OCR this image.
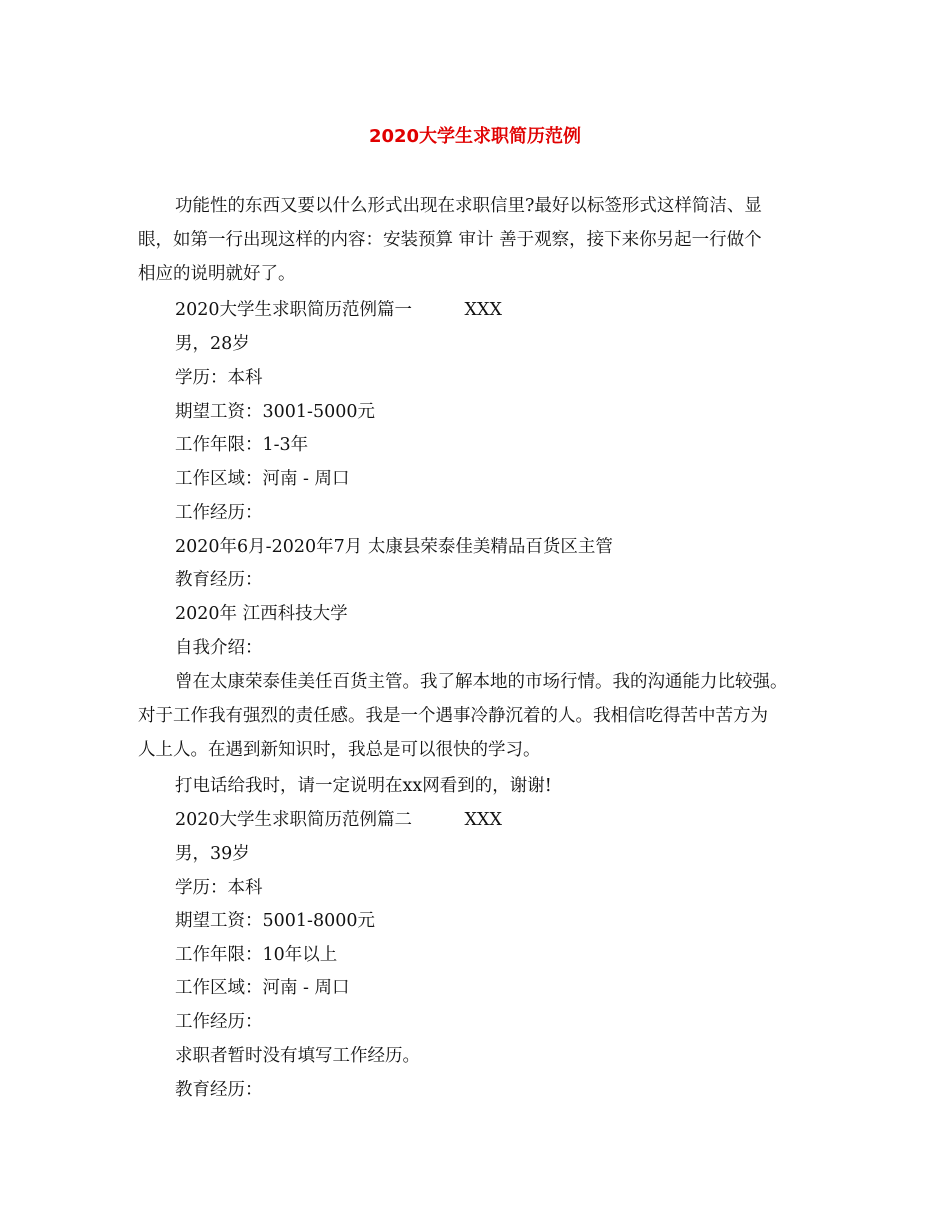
2020大学生求职简历范例

功能性的东西又要以什么形式出现在求职信里?最好以标签形式这样简洁、显

眼，如第一行出现这样的内容：安装预算 审计 善于观察，接下来你另起一行做个

相应的说明就好了。

2020大学生求职简历范例篇一　　　XXX

男，28岁

学历：本科

期望工资：3001-5000元

工作年限：1-3年

工作区域：河南 - 周口

工作经历：

2020年6月-2020年7月 太康县荣泰佳美精品百货区主管

教育经历：

2020年 江西科技大学

自我介绍：

曾在太康荣泰佳美任百货主管。我了解本地的市场行情。我的沟通能力比较强。

对于工作我有强烈的责任感。我是一个遇事冷静沉着的人。我相信吃得苦中苦方为

人上人。在遇到新知识时，我总是可以很快的学习。

打电话给我时，请一定说明在xx网看到的，谢谢!

2020大学生求职简历范例篇二　　　XXX

男，39岁

学历：本科

期望工资：5001-8000元

工作年限：10年以上

工作区域：河南 - 周口

工作经历：

求职者暂时没有填写工作经历。

教育经历：
